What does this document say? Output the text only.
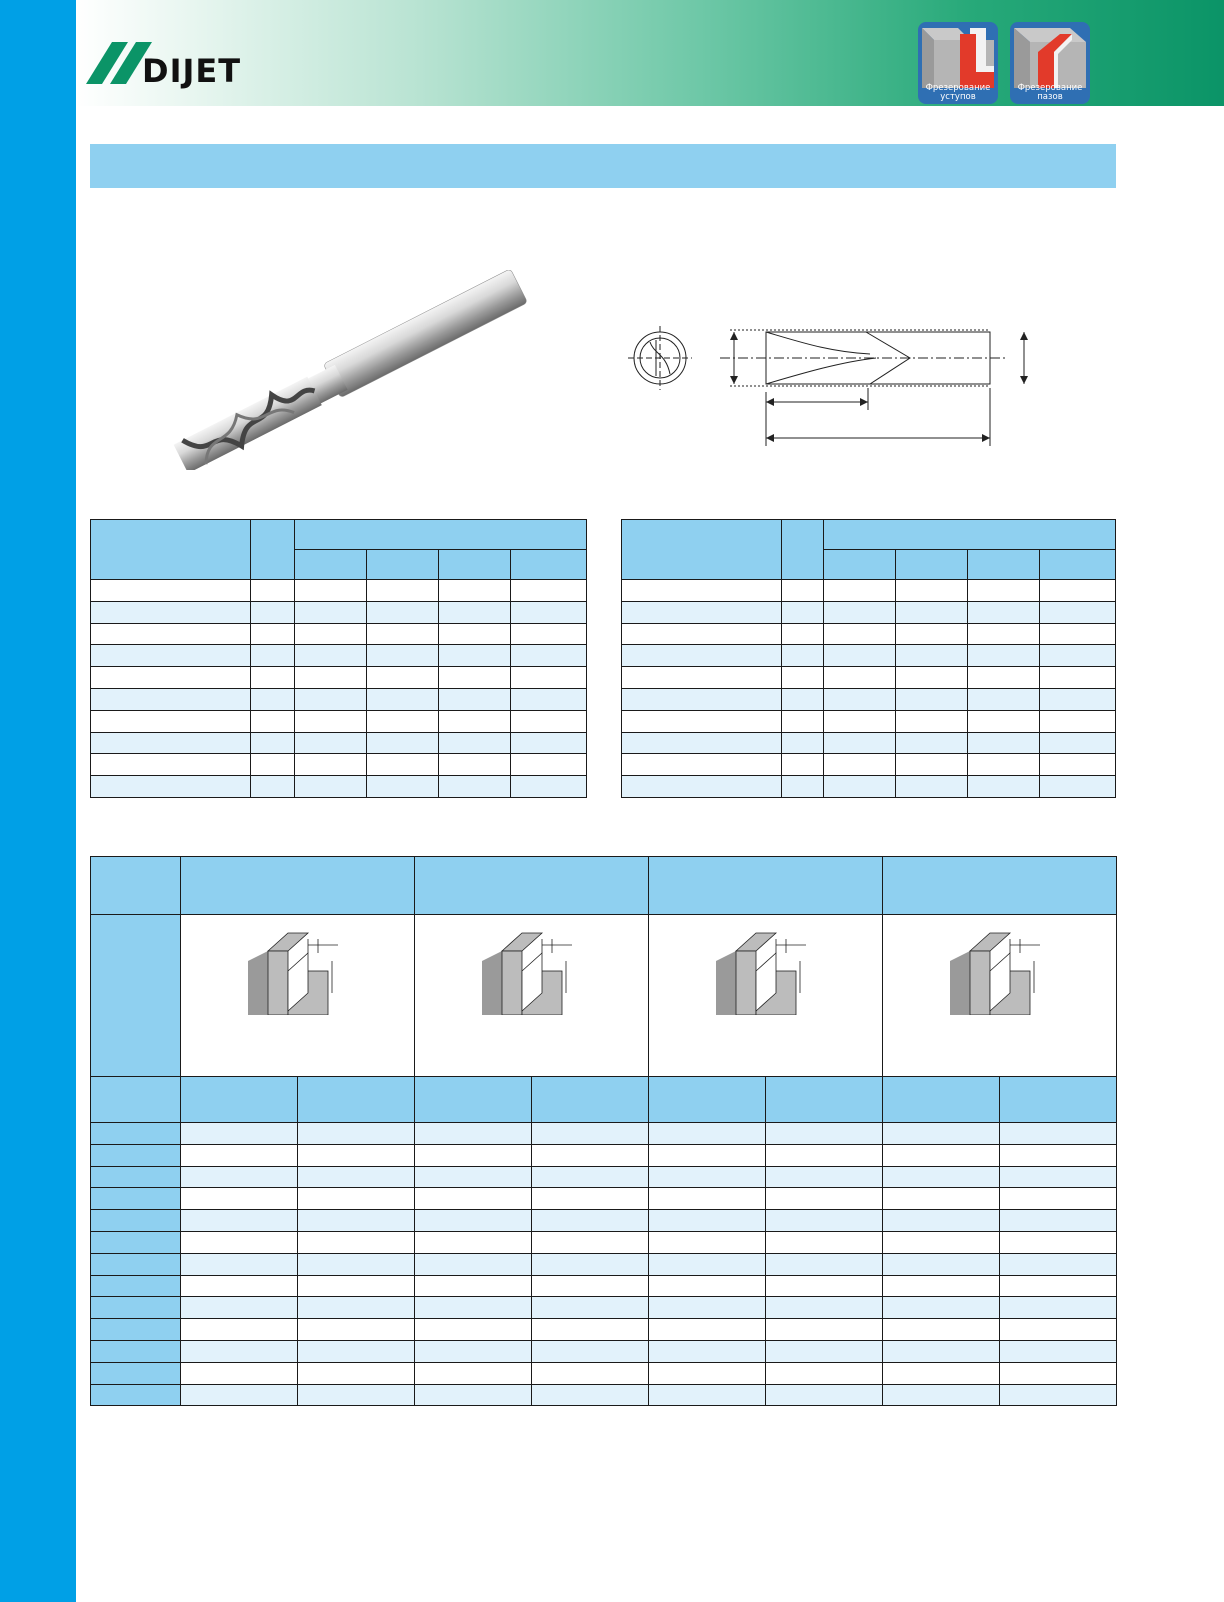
DIJET	Фрезерование
уступов
Фрезерование
пазов
